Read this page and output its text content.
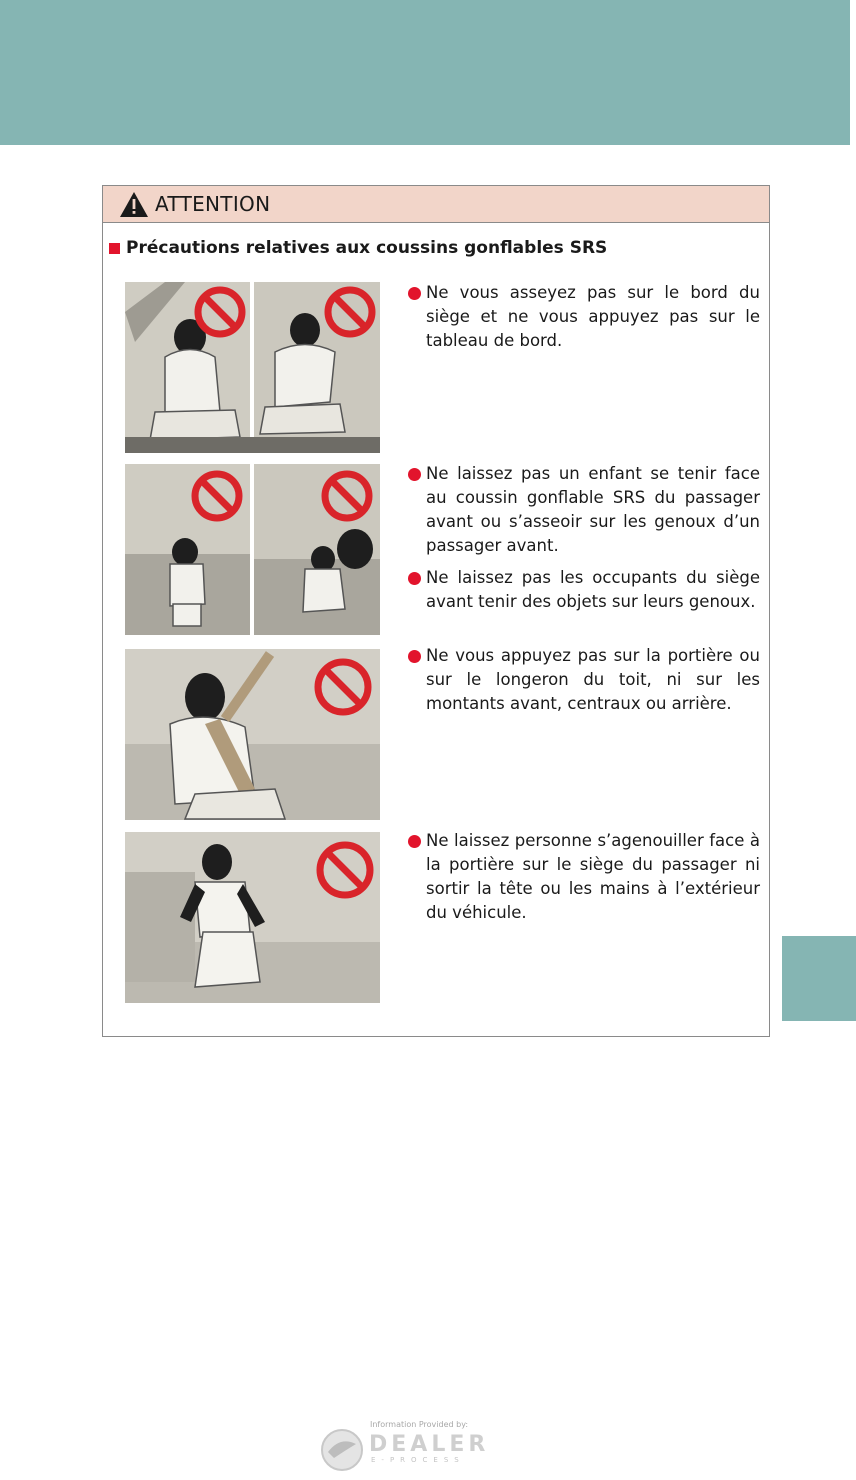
ATTENTION
Précautions relatives aux coussins gonflables SRS
Ne vous asseyez pas sur le bord du siège et ne vous appuyez pas sur le tableau de bord.
Ne laissez pas un enfant se tenir face au coussin gonflable SRS du passager avant ou s’asseoir sur les genoux d’un passager avant.
Ne laissez pas les occupants du siège avant tenir des objets sur leurs genoux.
Ne vous appuyez pas sur la portière ou sur le longeron du toit, ni sur les montants avant, centraux ou arrière.
Ne laissez personne s’agenouiller face à la portière sur le siège du passager ni sortir la tête ou les mains à l’extérieur du véhicule.
Information Provided by:
DEALER
E-PROCESS
